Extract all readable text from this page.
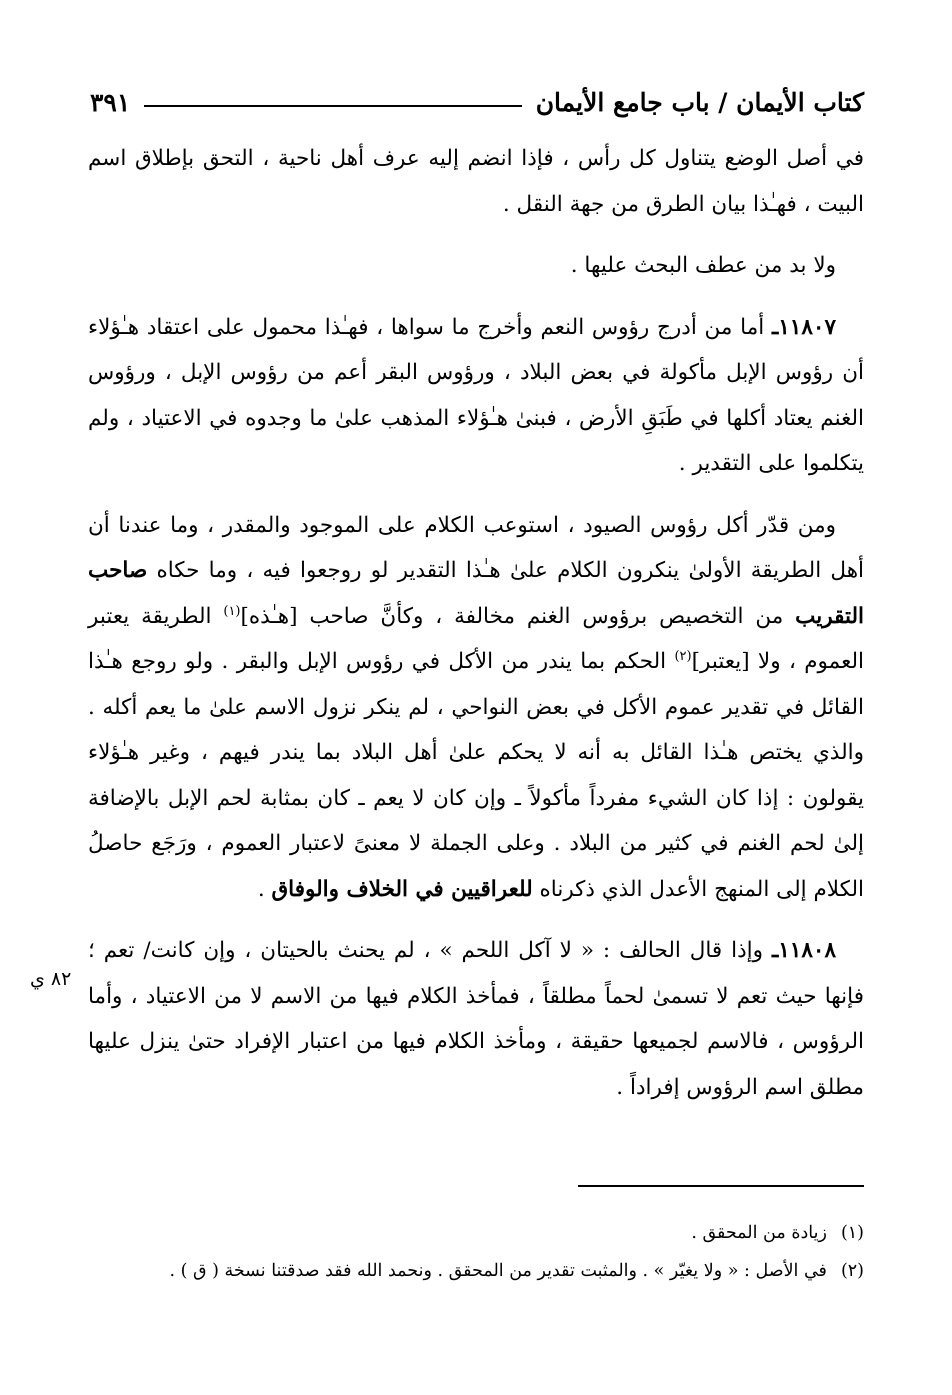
كتاب الأيمان / باب جامع الأيمان
٣٩١

في أصل الوضع يتناول كل رأس ، فإذا انضم إليه عرف أهل ناحية ، التحق بإطلاق اسم البيت ، فهـٰذا بيان الطرق من جهة النقل .

ولا بد من عطف البحث عليها .

١١٨٠٧ـ أما من أدرج رؤوس النعم وأخرج ما سواها ، فهـٰذا محمول على اعتقاد هـٰؤلاء أن رؤوس الإبل مأكولة في بعض البلاد ، ورؤوس البقر أعم من رؤوس الإبل ، ورؤوس الغنم يعتاد أكلها في طَبَقِ الأرض ، فبنىٰ هـٰؤلاء المذهب علىٰ ما وجدوه في الاعتياد ، ولم يتكلموا على التقدير .

ومن قدّر أكل رؤوس الصيود ، استوعب الكلام على الموجود والمقدر ، وما عندنا أن أهل الطريقة الأولىٰ ينكرون الكلام علىٰ هـٰذا التقدير لو روجعوا فيه ، وما حكاه صاحب التقريب من التخصيص برؤوس الغنم مخالفة ، وكأنَّ صاحب [هـٰذه]$^{(١)}$ الطريقة يعتبر العموم ، ولا [يعتبر]$^{(٢)}$ الحكم بما يندر من الأكل في رؤوس الإبل والبقر . ولو روجع هـٰذا القائل في تقدير عموم الأكل في بعض النواحي ، لم ينكر نزول الاسم علىٰ ما يعم أكله . والذي يختص هـٰذا القائل به أنه لا يحكم علىٰ أهل البلاد بما يندر فيهم ، وغير هـٰؤلاء يقولون : إذا كان الشيء مفرداً مأكولاً ـ وإن كان لا يعم ـ كان بمثابة لحم الإبل بالإضافة إلىٰ لحم الغنم في كثير من البلاد . وعلى الجملة لا معنىً لاعتبار العموم ، ورَجَع حاصلُ الكلام إلى المنهج الأعدل الذي ذكرناه للعراقيين في الخلاف والوفاق .

١١٨٠٨ـ وإذا قال الحالف : « لا آكل اللحم » ، لم يحنث بالحيتان ، وإن كانت/ تعم ؛ فإنها حيث تعم لا تسمىٰ لحماً مطلقاً ، فمأخذ الكلام فيها من الاسم لا من الاعتياد ، وأما الرؤوس ، فالاسم لجميعها حقيقة ، ومأخذ الكلام فيها من اعتبار الإفراد حتىٰ ينزل عليها مطلق اسم الرؤوس إفراداً .

٨٢ ي
(١)زيادة من المحقق .
(٢)في الأصل : « ولا يغيّر » . والمثبت تقدير من المحقق . ونحمد الله فقد صدقتنا نسخة ( ق ) .
